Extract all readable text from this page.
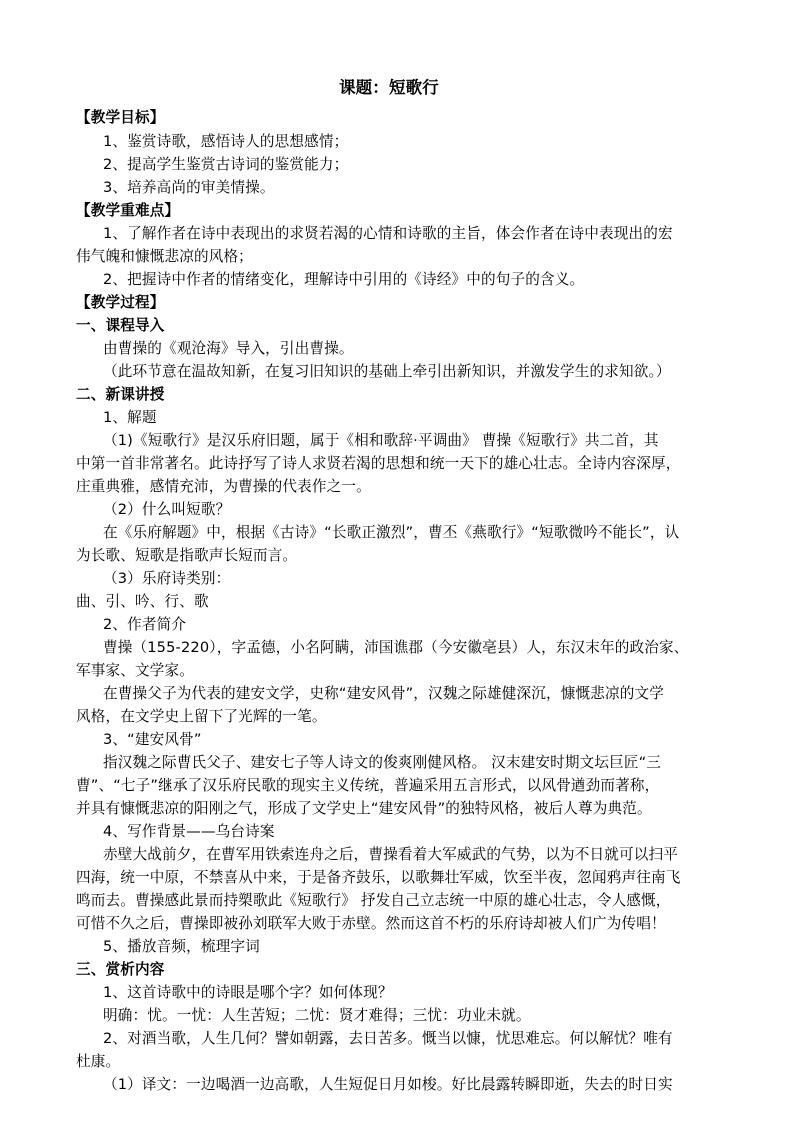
课题：短歌行
【教学目标】
1、鉴赏诗歌，感悟诗人的思想感情；
2、提高学生鉴赏古诗词的鉴赏能力；
3、培养高尚的审美情操。
【教学重难点】
1、了解作者在诗中表现出的求贤若渴的心情和诗歌的主旨，体会作者在诗中表现出的宏
伟气魄和慷慨悲凉的风格；
2、把握诗中作者的情绪变化，理解诗中引用的《诗经》中的句子的含义。
【教学过程】
一、课程导入
由曹操的《观沧海》导入，引出曹操。
（此环节意在温故知新，在复习旧知识的基础上牵引出新知识，并激发学生的求知欲。）
二、新课讲授
1、解题
（1)《短歌行》是汉乐府旧题，属于《相和歌辞·平调曲》 曹操《短歌行》共二首，其
中第一首非常著名。此诗抒写了诗人求贤若渴的思想和统一天下的雄心壮志。全诗内容深厚，
庄重典雅，感情充沛，为曹操的代表作之一。
（2）什么叫短歌？
在《乐府解题》中，根据《古诗》“长歌正激烈”，曹丕《燕歌行》“短歌微吟不能长”，认
为长歌、短歌是指歌声长短而言。
（3）乐府诗类别：
曲、引、吟、行、歌
2、作者简介
曹操（155-220），字孟德，小名阿瞒，沛国谯郡（今安徽亳县）人，东汉末年的政治家、
军事家、文学家。
在曹操父子为代表的建安文学，史称“建安风骨”，汉魏之际雄健深沉，慷慨悲凉的文学
风格，在文学史上留下了光辉的一笔。
3、“建安风骨”
指汉魏之际曹氏父子、建安七子等人诗文的俊爽刚健风格。 汉末建安时期文坛巨匠“三
曹”、“七子”继承了汉乐府民歌的现实主义传统，普遍采用五言形式，以风骨遒劲而著称，
并具有慷慨悲凉的阳刚之气，形成了文学史上“建安风骨”的独特风格，被后人尊为典范。
4、写作背景——乌台诗案
赤壁大战前夕，在曹军用铁索连舟之后，曹操看着大军威武的气势，以为不日就可以扫平
四海，统一中原，不禁喜从中来，于是备齐鼓乐，以歌舞壮军威，饮至半夜，忽闻鸦声往南飞
鸣而去。曹操感此景而持槊歌此《短歌行》 抒发自己立志统一中原的雄心壮志，令人感慨，
可惜不久之后，曹操即被孙刘联军大败于赤壁。然而这首不朽的乐府诗却被人们广为传唱！
5、播放音频，梳理字词
三、赏析内容
1、这首诗歌中的诗眼是哪个字？如何体现？
明确：忧。一忧：人生苦短；二忧：贤才难得；三忧：功业未就。
2、对酒当歌，人生几何？譬如朝露，去日苦多。慨当以慷，忧思难忘。何以解忧？唯有
杜康。
（1）译文：一边喝酒一边高歌，人生短促日月如梭。好比晨露转瞬即逝，失去的时日实
